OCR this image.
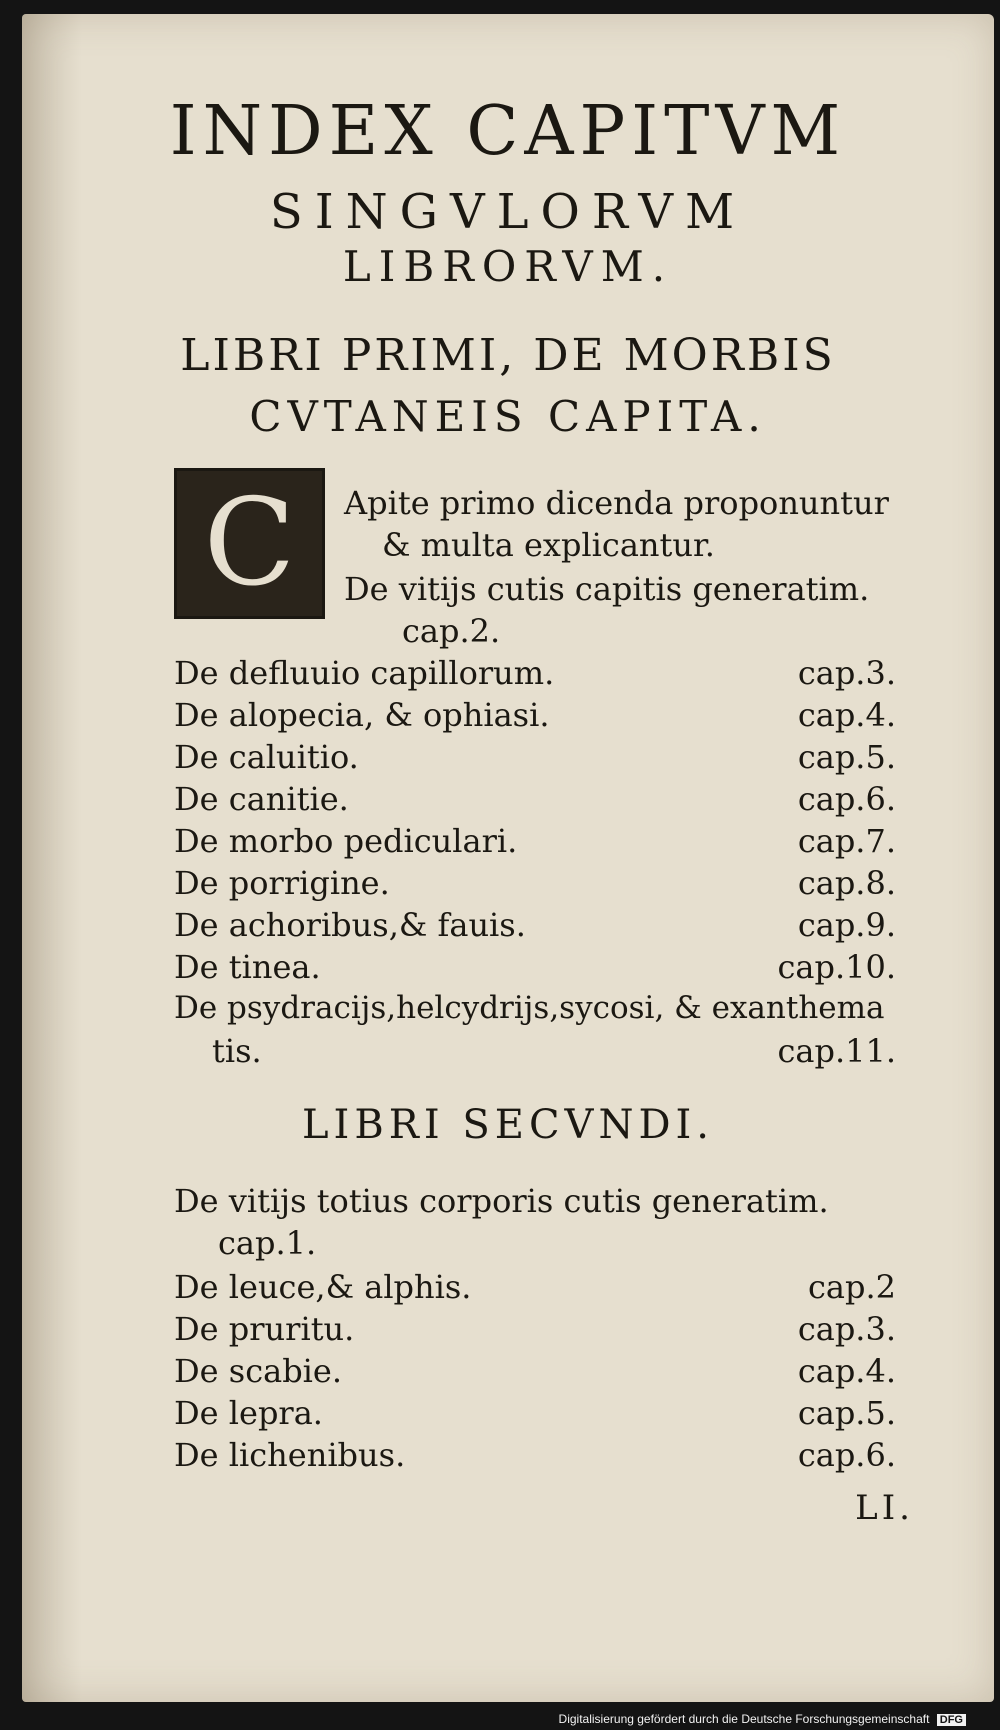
INDEX CAPITVM
SINGVLORVM
LIBRORVM.
LIBRI PRIMI, DE MORBIS
CVTANEIS CAPITA.
C	Apite primo dicenda proponuntur
& multa explicantur.
De vitijs cutis capitis generatim.
cap.2.
De defluuio capillorum.	cap.3.
De alopecia, & ophiasi.	cap.4.
De caluitio.	cap.5.
De canitie.	cap.6.
De morbo pediculari.	cap.7.
De porrigine.	cap.8.
De achoribus,& fauis.	cap.9.
De tinea.	cap.10.
De psydracijs,helcydrijs,sycosi, & exanthema
tis.	cap.11.
LIBRI SECVNDI.
De vitijs totius corporis cutis generatim.
cap.1.
De leuce,& alphis.	cap.2
De pruritu.	cap.3.
De scabie.	cap.4.
De lepra.	cap.5.
De lichenibus.	cap.6.
LI.
Digitalisierung gefördert durch die Deutsche Forschungsgemeinschaft DFG
